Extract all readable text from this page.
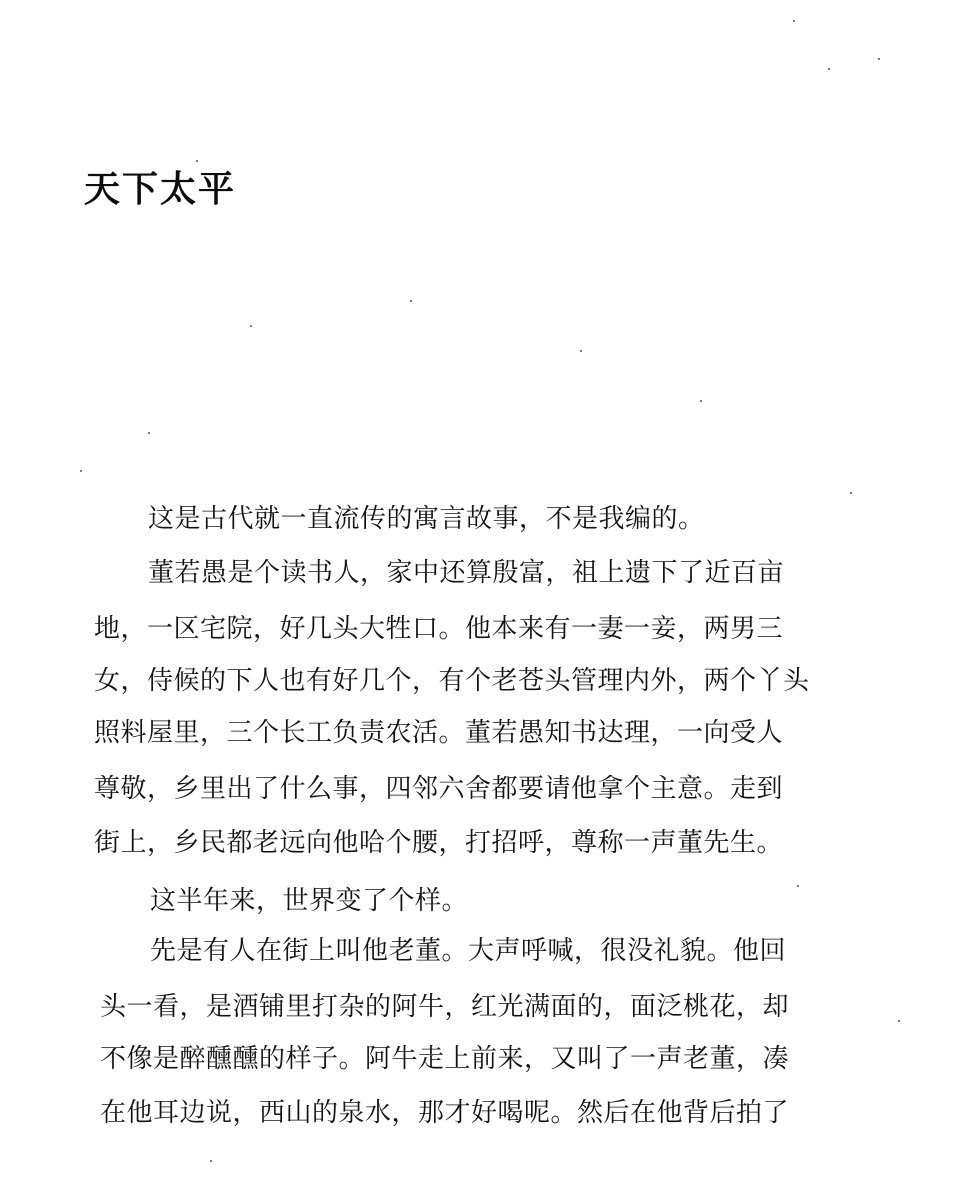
天下太平
这是古代就一直流传的寓言故事，不是我编的。
董若愚是个读书人，家中还算殷富，祖上遗下了近百亩
地，一区宅院，好几头大牲口。他本来有一妻一妾，两男三
女，侍候的下人也有好几个，有个老苍头管理内外，两个丫头
照料屋里，三个长工负责农活。董若愚知书达理，一向受人
尊敬，乡里出了什么事，四邻六舍都要请他拿个主意。走到
街上，乡民都老远向他哈个腰，打招呼，尊称一声董先生。
这半年来，世界变了个样。
先是有人在街上叫他老董。大声呼喊，很没礼貌。他回
头一看，是酒铺里打杂的阿牛，红光满面的，面泛桃花，却
不像是醉醺醺的样子。阿牛走上前来，又叫了一声老董，凑
在他耳边说，西山的泉水，那才好喝呢。然后在他背后拍了
